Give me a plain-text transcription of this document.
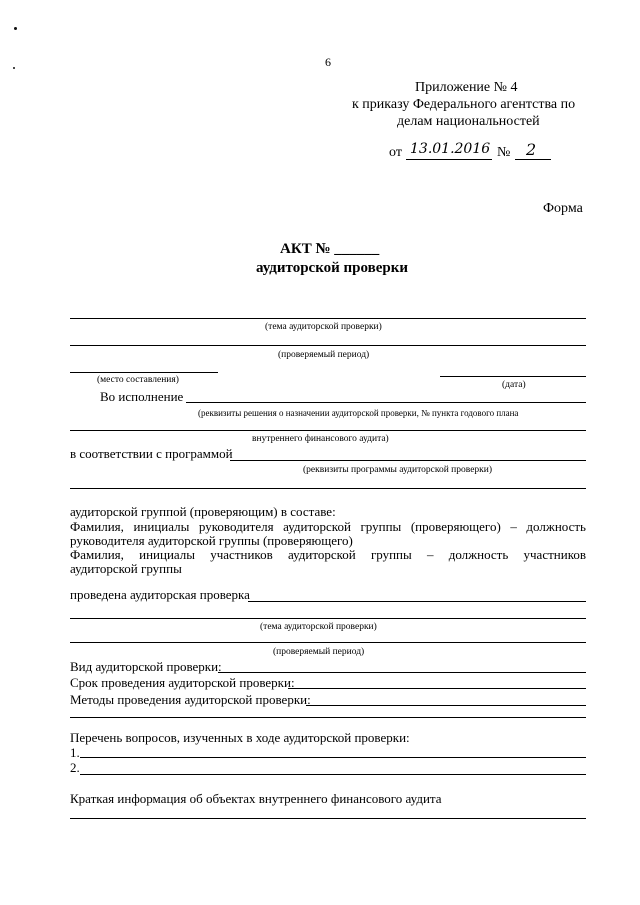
6
Приложение № 4
к приказу Федерального агентства по
делам национальностей
от 13.01.2016 № 2
Форма
АКТ № ______
аудиторской проверки
(тема аудиторской проверки)
(проверяемый период)
(место составления)	(дата)
Во исполнение
(реквизиты решения о назначении аудиторской проверки, № пункта годового плана
внутреннего финансового аудита)
в соответствии с программой
(реквизиты программы аудиторской проверки)
аудиторской группой (проверяющим) в составе:
Фамилия, инициалы руководителя аудиторской группы (проверяющего) – должность
руководителя аудиторской группы (проверяющего)
Фамилия, инициалы участников аудиторской группы – должность участников
аудиторской группы
проведена аудиторская проверка
(тема аудиторской проверки)
(проверяемый период)
Вид аудиторской проверки:
Срок проведения аудиторской проверки:
Методы проведения аудиторской проверки:
Перечень вопросов, изученных в ходе аудиторской проверки:
1.
2.
Краткая информация об объектах внутреннего финансового аудита
